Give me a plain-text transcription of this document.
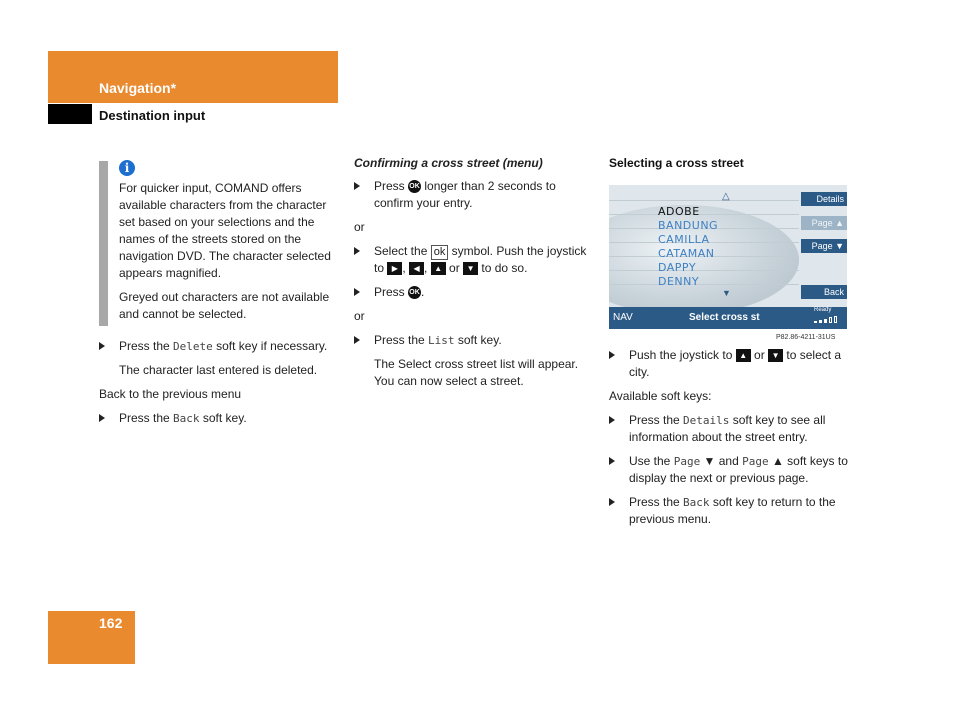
Navigation*
Destination input
i
For quicker input, COMAND offers available characters from the character set based on your selections and the names of the streets stored on the navigation DVD. The character selected appears magnified.
Greyed out characters are not available and cannot be selected.
Press the Delete soft key if necessary.
The character last entered is deleted.
Back to the previous menu
Press the Back soft key.
Confirming a cross street (menu)
Press OK longer than 2 seconds to confirm your entry.
or
Select the ok symbol. Push the joystick to ▶ , ◀ , ▲ or ▼ to do so.
Press OK.
or
Press the List soft key.
The Select cross street list will appear. You can now select a street.
Selecting a cross street
△
ADOBE
BANDUNG
CAMILLA
CATAMAN
DAPPY
DENNY
▼
Details
Page ▲
Page ▼
Back
NAV	Select cross st
Ready
P82.86-4211-31US
Push the joystick to ▲ or ▼ to select a city.
Available soft keys:
Press the Details soft key to see all information about the street entry.
Use the Page ▼ and Page ▲ soft keys to display the next or previous page.
Press the Back soft key to return to the previous menu.
162
